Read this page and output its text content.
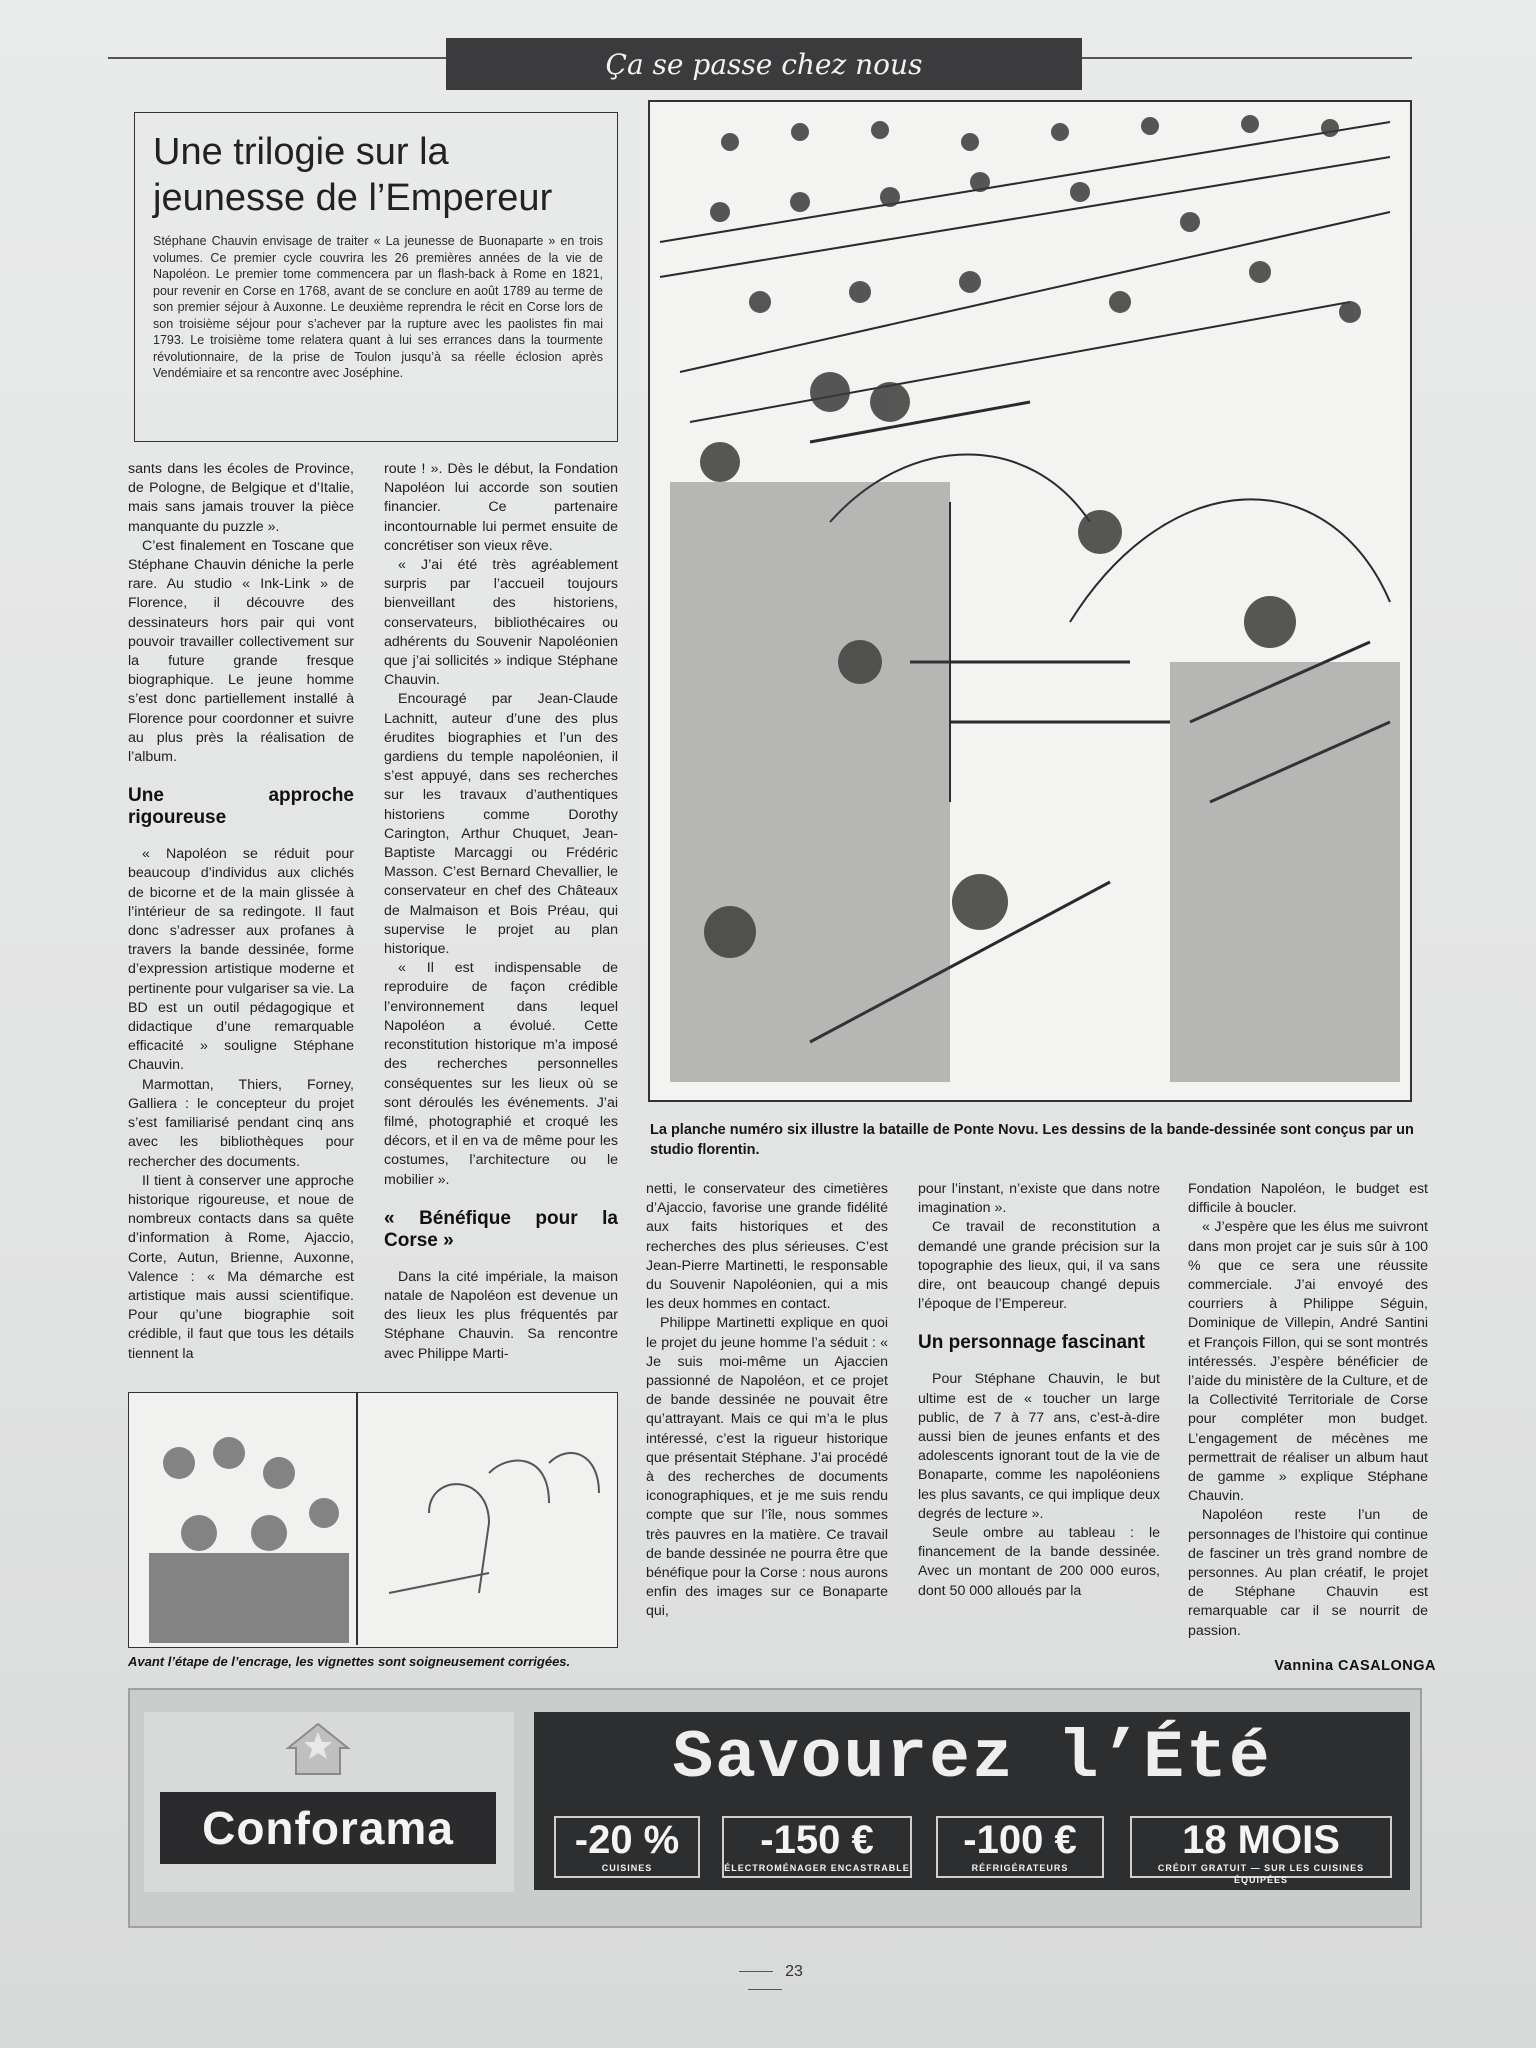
Ça se passe chez nous
Une trilogie sur la jeunesse de l’Empereur

Stéphane Chauvin envisage de traiter « La jeunesse de Buonaparte » en trois volumes. Ce premier cycle couvrira les 26 premières années de la vie de Napoléon. Le premier tome commencera par un flash-back à Rome en 1821, pour revenir en Corse en 1768, avant de se conclure en août 1789 au terme de son premier séjour à Auxonne. Le deuxième reprendra le récit en Corse lors de son troisième séjour pour s’achever par la rupture avec les paolistes fin mai 1793. Le troisième tome relatera quant à lui ses errances dans la tourmente révolutionnaire, de la prise de Toulon jusqu’à sa réelle éclosion après Vendémiaire et sa rencontre avec Joséphine.

sants dans les écoles de Province, de Pologne, de Belgique et d’Italie, mais sans jamais trouver la pièce manquante du puzzle ».

C’est finalement en Toscane que Stéphane Chauvin déniche la perle rare. Au studio « Ink-Link » de Florence, il découvre des dessinateurs hors pair qui vont pouvoir travailler collectivement sur la future grande fresque biographique. Le jeune homme s’est donc partiellement installé à Florence pour coordonner et suivre au plus près la réalisation de l’album.

Une approche rigoureuse

« Napoléon se réduit pour beaucoup d’individus aux clichés de bicorne et de la main glissée à l’intérieur de sa redingote. Il faut donc s’adresser aux profanes à travers la bande dessinée, forme d’expression artistique moderne et pertinente pour vulgariser sa vie. La BD est un outil pédagogique et didactique d’une remarquable efficacité » souligne Stéphane Chauvin.

Marmottan, Thiers, Forney, Galliera : le concepteur du projet s’est familiarisé pendant cinq ans avec les bibliothèques pour rechercher des documents.

Il tient à conserver une approche historique rigoureuse, et noue de nombreux contacts dans sa quête d’information à Rome, Ajaccio, Corte, Autun, Brienne, Auxonne, Valence : « Ma démarche est artistique mais aussi scientifique. Pour qu’une biographie soit crédible, il faut que tous les détails tiennent la

route ! ». Dès le début, la Fondation Napoléon lui accorde son soutien financier. Ce partenaire incontournable lui permet ensuite de concrétiser son vieux rêve.

« J’ai été très agréablement surpris par l’accueil toujours bienveillant des historiens, conservateurs, bibliothécaires ou adhérents du Souvenir Napoléonien que j’ai sollicités » indique Stéphane Chauvin.

Encouragé par Jean-Claude Lachnitt, auteur d’une des plus érudites biographies et l’un des gardiens du temple napoléonien, il s’est appuyé, dans ses recherches sur les travaux d’authentiques historiens comme Dorothy Carington, Arthur Chuquet, Jean-Baptiste Marcaggi ou Frédéric Masson. C’est Bernard Chevallier, le conservateur en chef des Châteaux de Malmaison et Bois Préau, qui supervise le projet au plan historique.

« Il est indispensable de reproduire de façon crédible l’environnement dans lequel Napoléon a évolué. Cette reconstitution historique m’a imposé des recherches personnelles conséquentes sur les lieux où se sont déroulés les événements. J’ai filmé, photographié et croqué les décors, et il en va de même pour les costumes, l’architecture ou le mobilier ».

« Bénéfique pour la Corse »

Dans la cité impériale, la maison natale de Napoléon est devenue un des lieux les plus fréquentés par Stéphane Chauvin. Sa rencontre avec Philippe Marti-

La planche numéro six illustre la bataille de Ponte Novu. Les dessins de la bande-dessinée sont conçus par un studio florentin.

netti, le conservateur des cimetières d’Ajaccio, favorise une grande fidélité aux faits historiques et des recherches des plus sérieuses. C’est Jean-Pierre Martinetti, le responsable du Souvenir Napoléonien, qui a mis les deux hommes en contact.

Philippe Martinetti explique en quoi le projet du jeune homme l’a séduit : « Je suis moi-même un Ajaccien passionné de Napoléon, et ce projet de bande dessinée ne pouvait être qu’attrayant. Mais ce qui m’a le plus intéressé, c’est la rigueur historique que présentait Stéphane. J’ai procédé à des recherches de documents iconographiques, et je me suis rendu compte que sur l’île, nous sommes très pauvres en la matière. Ce travail de bande dessinée ne pourra être que bénéfique pour la Corse : nous aurons enfin des images sur ce Bonaparte qui,

pour l’instant, n’existe que dans notre imagination ».

Ce travail de reconstitution a demandé une grande précision sur la topographie des lieux, qui, il va sans dire, ont beaucoup changé depuis l’époque de l’Empereur.

Un personnage fascinant

Pour Stéphane Chauvin, le but ultime est de « toucher un large public, de 7 à 77 ans, c’est-à-dire aussi bien de jeunes enfants et des adolescents ignorant tout de la vie de Bonaparte, comme les napoléoniens les plus savants, ce qui implique deux degrés de lecture ».

Seule ombre au tableau : le financement de la bande dessinée. Avec un montant de 200 000 euros, dont 50 000 alloués par la

Fondation Napoléon, le budget est difficile à boucler.

« J’espère que les élus me suivront dans mon projet car je suis sûr à 100 % que ce sera une réussite commerciale. J’ai envoyé des courriers à Philippe Séguin, Dominique de Villepin, André Santini et François Fillon, qui se sont montrés intéressés. J’espère bénéficier de l’aide du ministère de la Culture, et de la Collectivité Territoriale de Corse pour compléter mon budget. L’engagement de mécènes me permettrait de réaliser un album haut de gamme » explique Stéphane Chauvin.

Napoléon reste l’un de personnages de l’histoire qui continue de fasciner un très grand nombre de personnes. Au plan créatif, le projet de Stéphane Chauvin est remarquable car il se nourrit de passion.

Avant l’étape de l’encrage, les vignettes sont soigneusement corrigées.	Vannina CASALONGA
Conforama
Savourez l’Été
-20 %
CUISINES
-150 €
ÉLECTROMÉNAGER ENCASTRABLE
-100 €
RÉFRIGÉRATEURS
18 MOIS
CRÉDIT GRATUIT — SUR LES CUISINES ÉQUIPÉES
23
